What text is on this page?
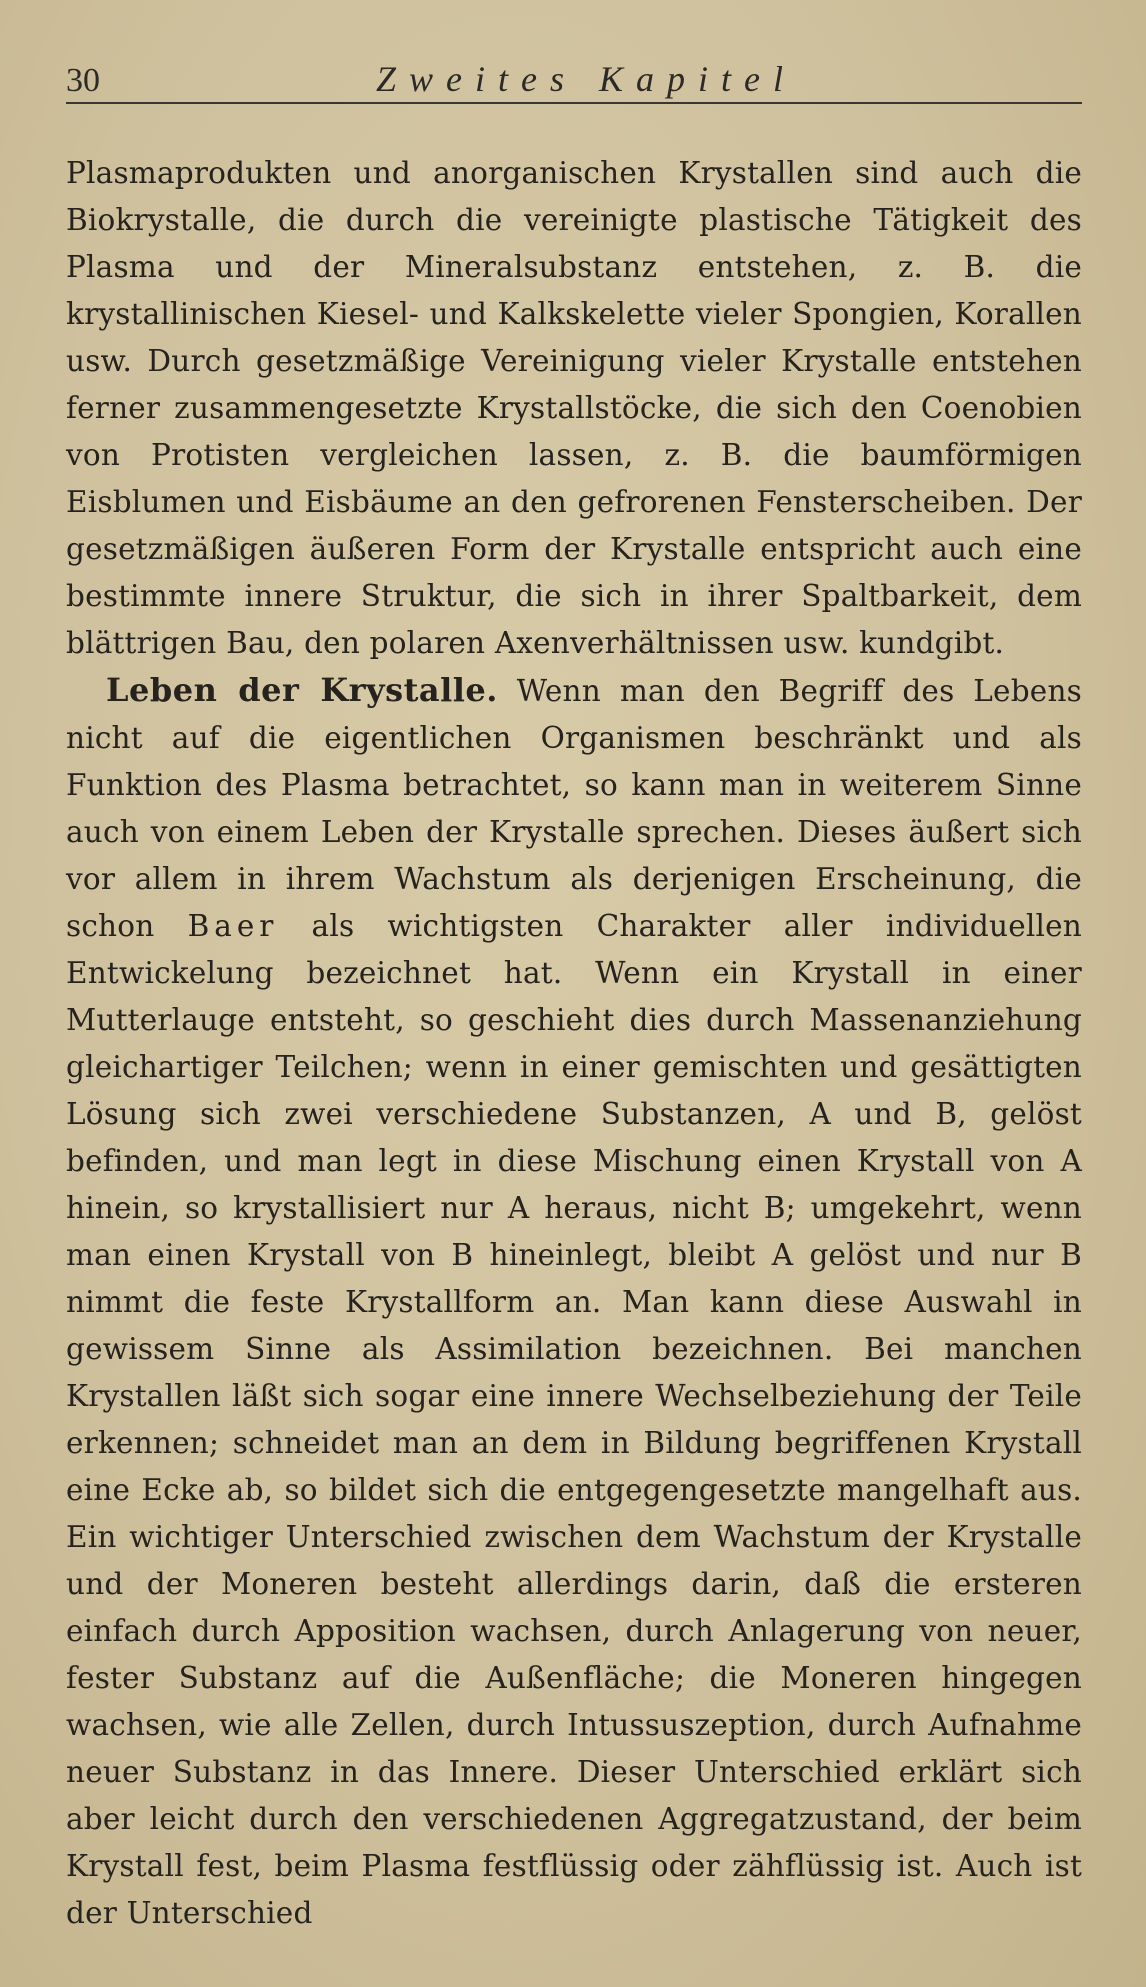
30	Zweites Kapitel

Plasmaprodukten und anorganischen Krystallen sind auch die Biokrystalle, die durch die vereinigte plastische Tätigkeit des Plasma und der Mineralsubstanz entstehen, z. B. die krystallinischen Kiesel- und Kalkskelette vieler Spongien, Korallen usw. Durch gesetzmäßige Vereinigung vieler Krystalle entstehen ferner zusammengesetzte Krystallstöcke, die sich den Coenobien von Protisten vergleichen lassen, z. B. die baumförmigen Eisblumen und Eisbäume an den gefrorenen Fensterscheiben. Der gesetzmäßigen äußeren Form der Krystalle entspricht auch eine bestimmte innere Struktur, die sich in ihrer Spaltbarkeit, dem blättrigen Bau, den polaren Axenverhältnissen usw. kundgibt.

Leben der Krystalle. Wenn man den Begriff des Lebens nicht auf die eigentlichen Organismen beschränkt und als Funktion des Plasma betrachtet, so kann man in weiterem Sinne auch von einem Leben der Krystalle sprechen. Dieses äußert sich vor allem in ihrem Wachstum als derjenigen Erscheinung, die schon Baer als wichtigsten Charakter aller individuellen Entwickelung bezeichnet hat. Wenn ein Krystall in einer Mutterlauge entsteht, so geschieht dies durch Massenanziehung gleichartiger Teilchen; wenn in einer gemischten und gesättigten Lösung sich zwei verschiedene Substanzen, A und B, gelöst befinden, und man legt in diese Mischung einen Krystall von A hinein, so krystallisiert nur A heraus, nicht B; umgekehrt, wenn man einen Krystall von B hineinlegt, bleibt A gelöst und nur B nimmt die feste Krystallform an. Man kann diese Auswahl in gewissem Sinne als Assimilation bezeichnen. Bei manchen Krystallen läßt sich sogar eine innere Wechselbeziehung der Teile erkennen; schneidet man an dem in Bildung begriffenen Krystall eine Ecke ab, so bildet sich die entgegengesetzte mangelhaft aus. Ein wichtiger Unterschied zwischen dem Wachstum der Krystalle und der Moneren besteht allerdings darin, daß die ersteren einfach durch Apposition wachsen, durch Anlagerung von neuer, fester Substanz auf die Außenfläche; die Moneren hingegen wachsen, wie alle Zellen, durch Intussuszeption, durch Aufnahme neuer Substanz in das Innere. Dieser Unterschied erklärt sich aber leicht durch den verschiedenen Aggregatzustand, der beim Krystall fest, beim Plasma festflüssig oder zähflüssig ist. Auch ist der Unterschied
